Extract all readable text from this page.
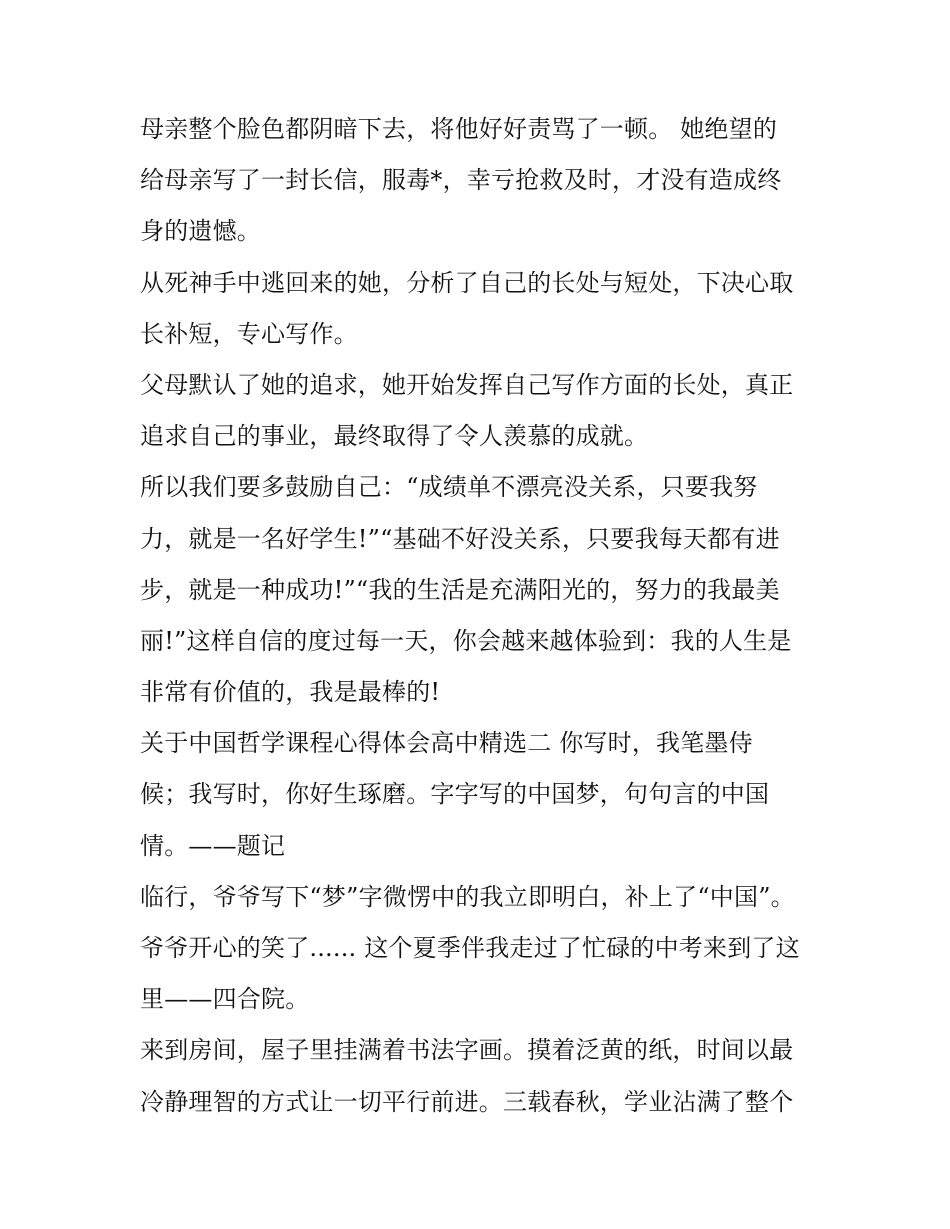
母亲整个脸色都阴暗下去，将他好好责骂了一顿。 她绝望的
给母亲写了一封长信，服毒*，幸亏抢救及时，才没有造成终
身的遗憾。
从死神手中逃回来的她，分析了自己的长处与短处，下决心取
长补短，专心写作。
父母默认了她的追求，她开始发挥自己写作方面的长处，真正
追求自己的事业，最终取得了令人羡慕的成就。
所以我们要多鼓励自己：“成绩单不漂亮没关系，只要我努
力，就是一名好学生!”“基础不好没关系，只要我每天都有进
步，就是一种成功!”“我的生活是充满阳光的，努力的我最美
丽!”这样自信的度过每一天，你会越来越体验到：我的人生是
非常有价值的，我是最棒的!
关于中国哲学课程心得体会高中精选二 你写时，我笔墨侍
候；我写时，你好生琢磨。字字写的中国梦，句句言的中国
情。——题记
临行，爷爷写下“梦”字微愣中的我立即明白，补上了“中国”。
爷爷开心的笑了...... 这个夏季伴我走过了忙碌的中考来到了这
里——四合院。
来到房间，屋子里挂满着书法字画。摸着泛黄的纸，时间以最
冷静理智的方式让一切平行前进。三载春秋，学业沾满了整个
